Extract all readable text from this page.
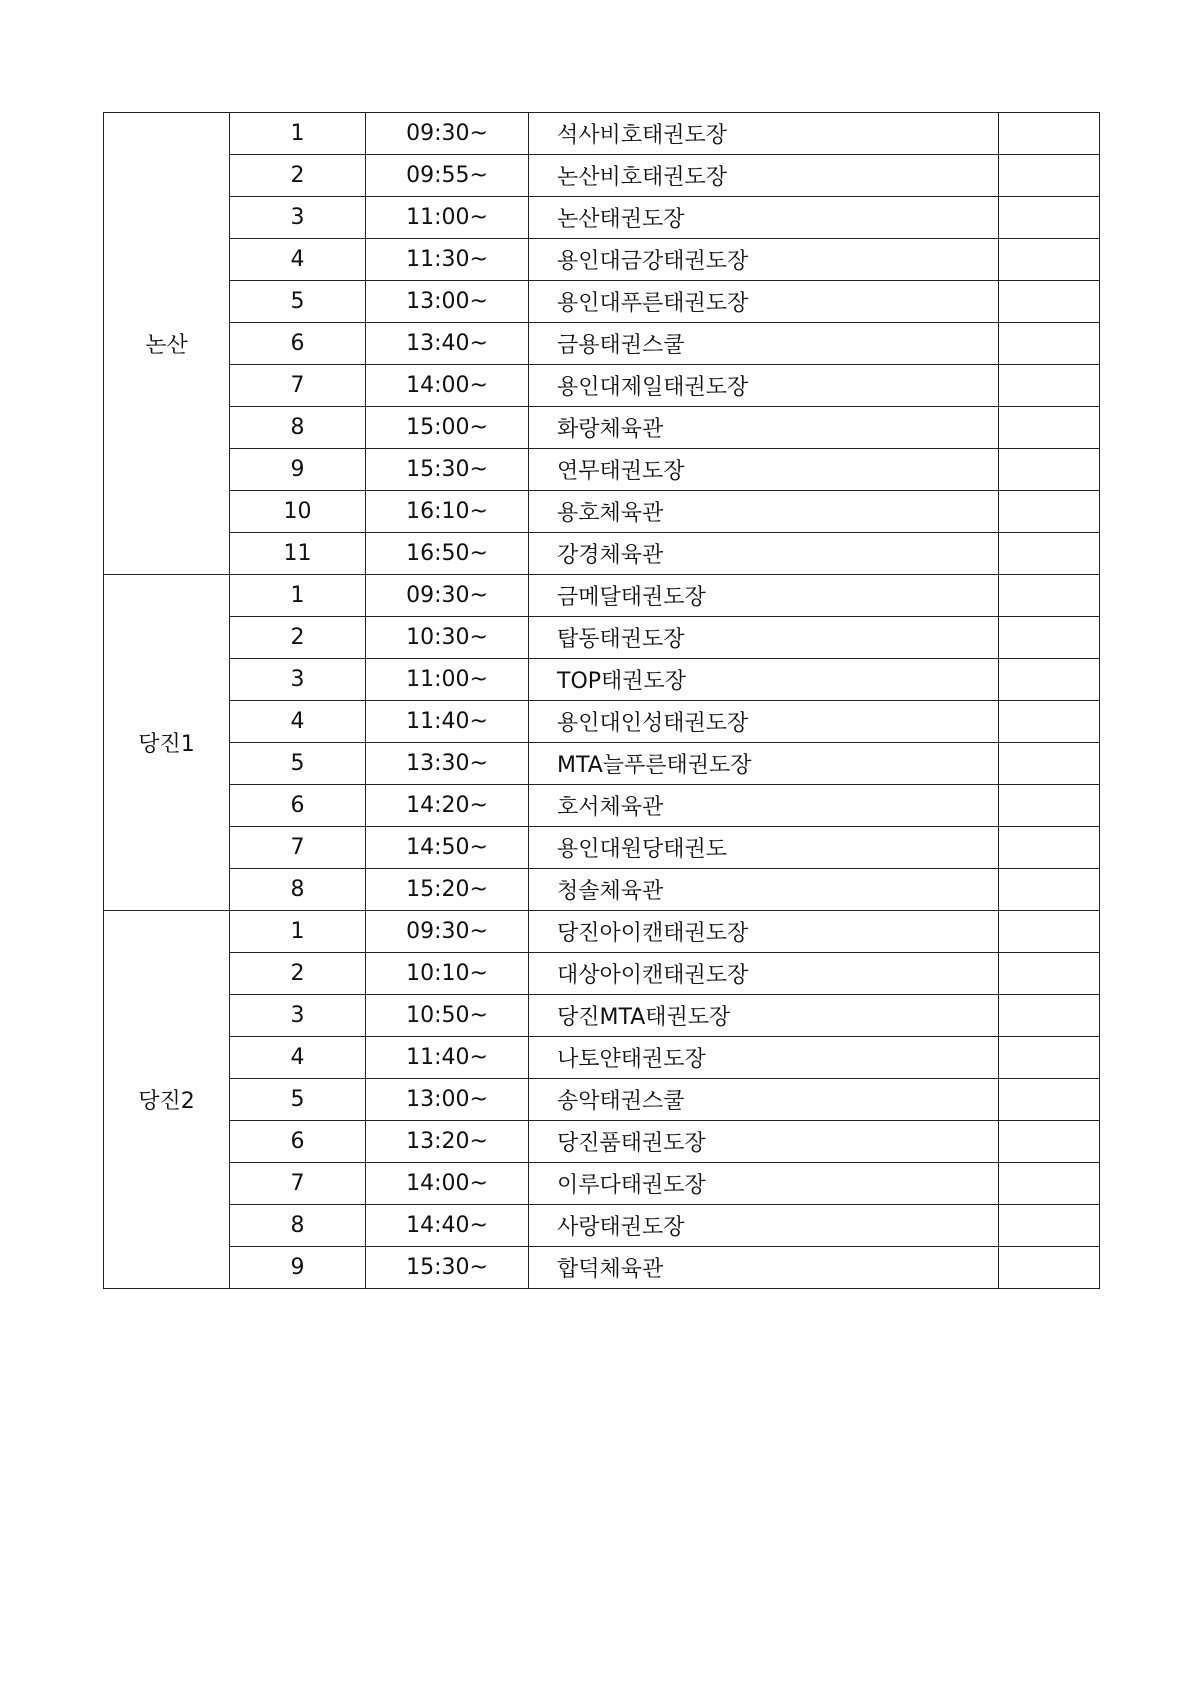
논산	1	09:30~	석사비호태권도장	
	2	09:55~	논산비호태권도장	
	3	11:00~	논산태권도장	
	4	11:30~	용인대금강태권도장	
	5	13:00~	용인대푸른태권도장	
	6	13:40~	금용태권스쿨	
	7	14:00~	용인대제일태권도장	
	8	15:00~	화랑체육관	
	9	15:30~	연무태권도장	
	10	16:10~	용호체육관	
	11	16:50~	강경체육관	
당진1	1	09:30~	금메달태권도장	
	2	10:30~	탑동태권도장	
	3	11:00~	TOP태권도장	
	4	11:40~	용인대인성태권도장	
	5	13:30~	MTA늘푸른태권도장	
	6	14:20~	호서체육관	
	7	14:50~	용인대원당태권도	
	8	15:20~	청솔체육관	
당진2	1	09:30~	당진아이캔태권도장	
	2	10:10~	대상아이캔태권도장	
	3	10:50~	당진MTA태권도장	
	4	11:40~	나토얀태권도장	
	5	13:00~	송악태권스쿨	
	6	13:20~	당진품태권도장	
	7	14:00~	이루다태권도장	
	8	14:40~	사랑태권도장	
	9	15:30~	합덕체육관	
